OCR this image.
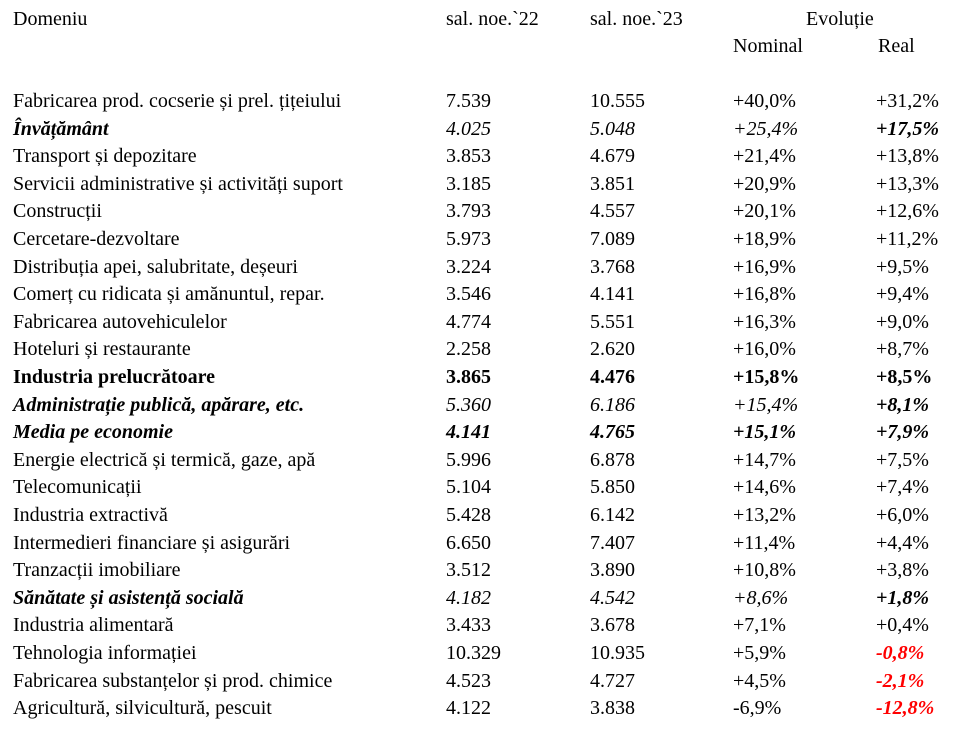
Domeniu	sal. noe.`22	sal. noe.`23	Evoluție
Nominal	Real
Fabricarea prod. cocserie și prel. țițeiului	7.539	10.555	+40,0%	+31,2%
Învățământ	4.025	5.048	+25,4%	+17,5%
Transport și depozitare	3.853	4.679	+21,4%	+13,8%
Servicii administrative și activități suport	3.185	3.851	+20,9%	+13,3%
Construcții	3.793	4.557	+20,1%	+12,6%
Cercetare-dezvoltare	5.973	7.089	+18,9%	+11,2%
Distribuția apei, salubritate, deșeuri	3.224	3.768	+16,9%	+9,5%
Comerț cu ridicata și amănuntul, repar.	3.546	4.141	+16,8%	+9,4%
Fabricarea autovehiculelor	4.774	5.551	+16,3%	+9,0%
Hoteluri și restaurante	2.258	2.620	+16,0%	+8,7%
Industria prelucrătoare	3.865	4.476	+15,8%	+8,5%
Administrație publică, apărare, etc.	5.360	6.186	+15,4%	+8,1%
Media pe economie	4.141	4.765	+15,1%	+7,9%
Energie electrică și termică, gaze, apă	5.996	6.878	+14,7%	+7,5%
Telecomunicații	5.104	5.850	+14,6%	+7,4%
Industria extractivă	5.428	6.142	+13,2%	+6,0%
Intermedieri financiare și asigurări	6.650	7.407	+11,4%	+4,4%
Tranzacții imobiliare	3.512	3.890	+10,8%	+3,8%
Sănătate și asistență socială	4.182	4.542	+8,6%	+1,8%
Industria alimentară	3.433	3.678	+7,1%	+0,4%
Tehnologia informației	10.329	10.935	+5,9%	-0,8%
Fabricarea substanțelor și prod. chimice	4.523	4.727	+4,5%	-2,1%
Agricultură, silvicultură, pescuit	4.122	3.838	-6,9%	-12,8%
